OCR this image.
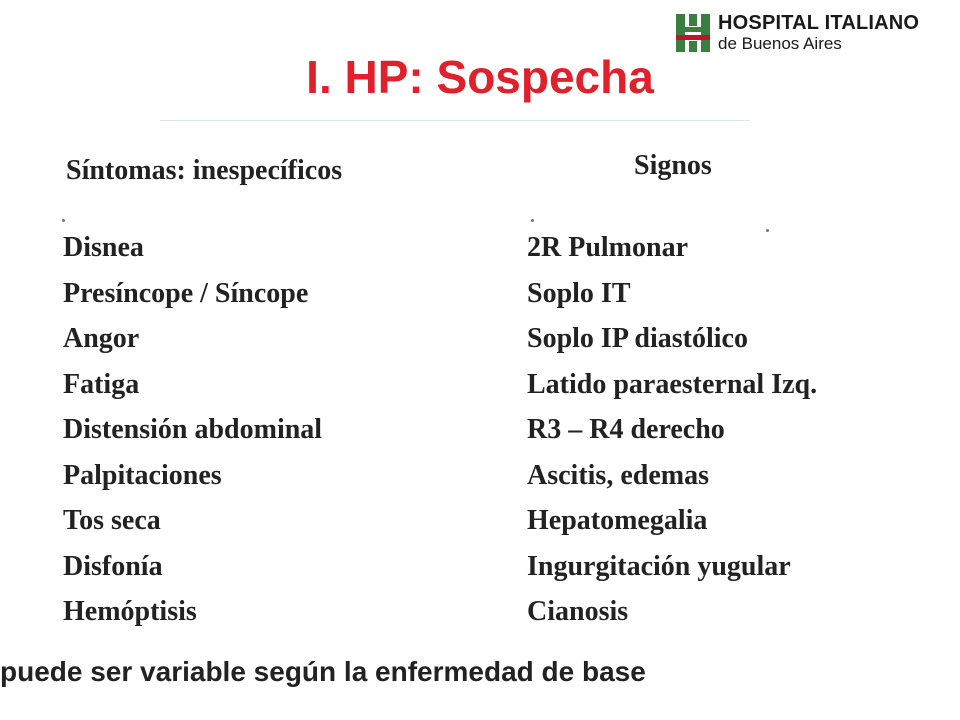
HOSPITAL ITALIANO
de Buenos Aires
I. HP: Sospecha
Síntomas: inespecíficos	Signos
Disnea
Presíncope / Síncope
Angor
Fatiga
Distensión abdominal
Palpitaciones
Tos seca
Disfonía
Hemóptisis
2R Pulmonar
Soplo IT
Soplo IP diastólico
Latido paraesternal Izq.
R3 – R4 derecho
Ascitis, edemas
Hepatomegalia
Ingurgitación yugular
Cianosis
puede ser variable según la enfermedad de base
